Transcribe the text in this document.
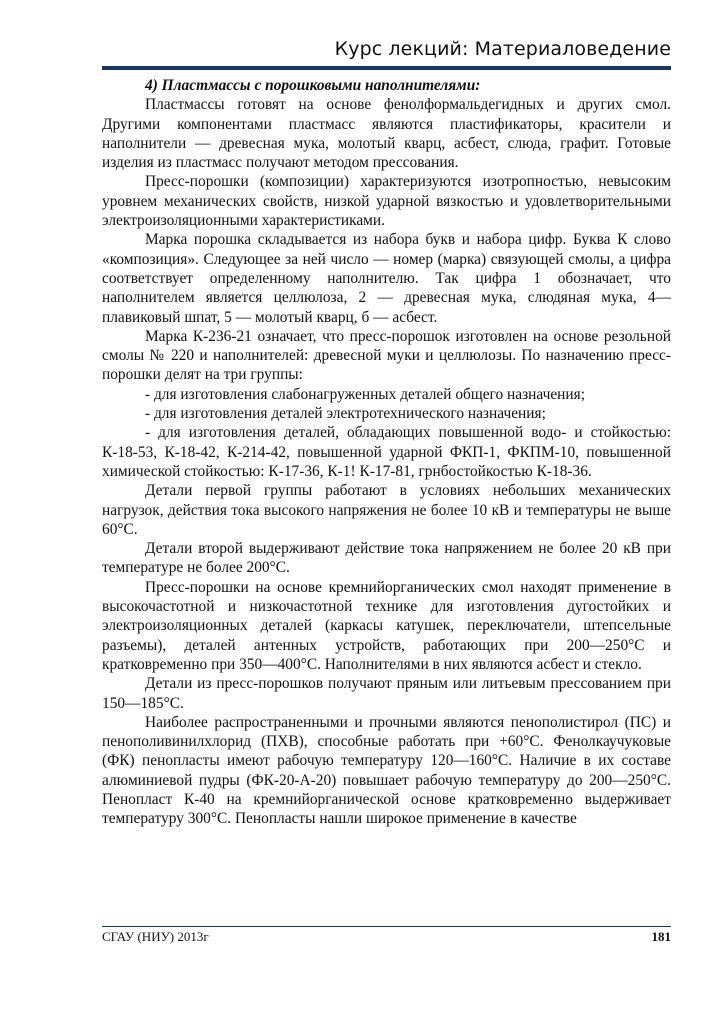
Курс лекций: Материаловедение

4) Пластмассы с порошковыми наполнителями:

Пластмассы готовят на основе фенолформальдегидных и других смол. Другими компонентами пластмасс являются пластификаторы, красители и наполнители — древесная мука, молотый кварц, асбест, слюда, графит. Готовые изделия из пластмасс получают методом прессования.

Пресс-порошки (композиции) характеризуются изотропностью, невысоким уровнем механических свойств, низкой ударной вязкостью и удовлетворительными электроизоляционными характеристиками.

Марка порошка складывается из набора букв и набора цифр. Буква К слово «композиция». Следующее за ней число — номер (марка) связующей смолы, а цифра соответствует определенному наполнителю. Так цифра 1 обозначает, что наполнителем является целлюлоза, 2 — древесная мука, слюдяная мука, 4—плавиковый шпат, 5 — молотый кварц, б — асбест.

Марка К-236-21 означает, что пресс-порошок изготовлен на основе резольной смолы № 220 и наполнителей: древесной муки и целлюлозы. По назначению пресс-порошки делят на три группы:

- для изготовления слабонагруженных деталей общего назначения;

- для изготовления деталей электротехнического назначения;

- для изготовления деталей, обладающих повышенной водо- и стойкостью: К-18-53, К-18-42, К-214-42, повышенной ударной ФКП-1, ФКПМ-10, повышенной химической стойкостью: К-17-36, К-1! К-17-81, грнбостойкостью К-18-36.

Детали первой группы работают в условиях небольших механических нагрузок, действия тока высокого напряжения не более 10 кВ и температуры не выше 60°С.

Детали второй выдерживают действие тока напряжением не более 20 кВ при температуре не более 200°С.

Пресс-порошки на основе кремнийорганических смол находят применение в высокочастотной и низкочастотной технике для изготовления дугостойких и электроизоляционных деталей (каркасы катушек, переключатели, штепсельные разъемы), деталей антенных устройств, работающих при 200—250°С и кратковременно при 350—400°С. Наполнителями в них являются асбест и стекло.

Детали из пресс-порошков получают пряным или литьевым прессованием при 150—185°С.

Наиболее распространенными и прочными являются пенополистирол (ПС) и пенополивинилхлорид (ПХВ), способные работать при +60°С. Фенолкаучуковые (ФК) пенопласты имеют рабочую температуру 120—160°С. Наличие в их составе алюминиевой пудры (ФК-20-А-20) повышает рабочую температуру до 200—250°С. Пенопласт К-40 на кремнийорганической основе кратковременно выдерживает температуру 300°С. Пенопласты нашли широкое применение в качестве

СГАУ (НИУ) 2013г	181
